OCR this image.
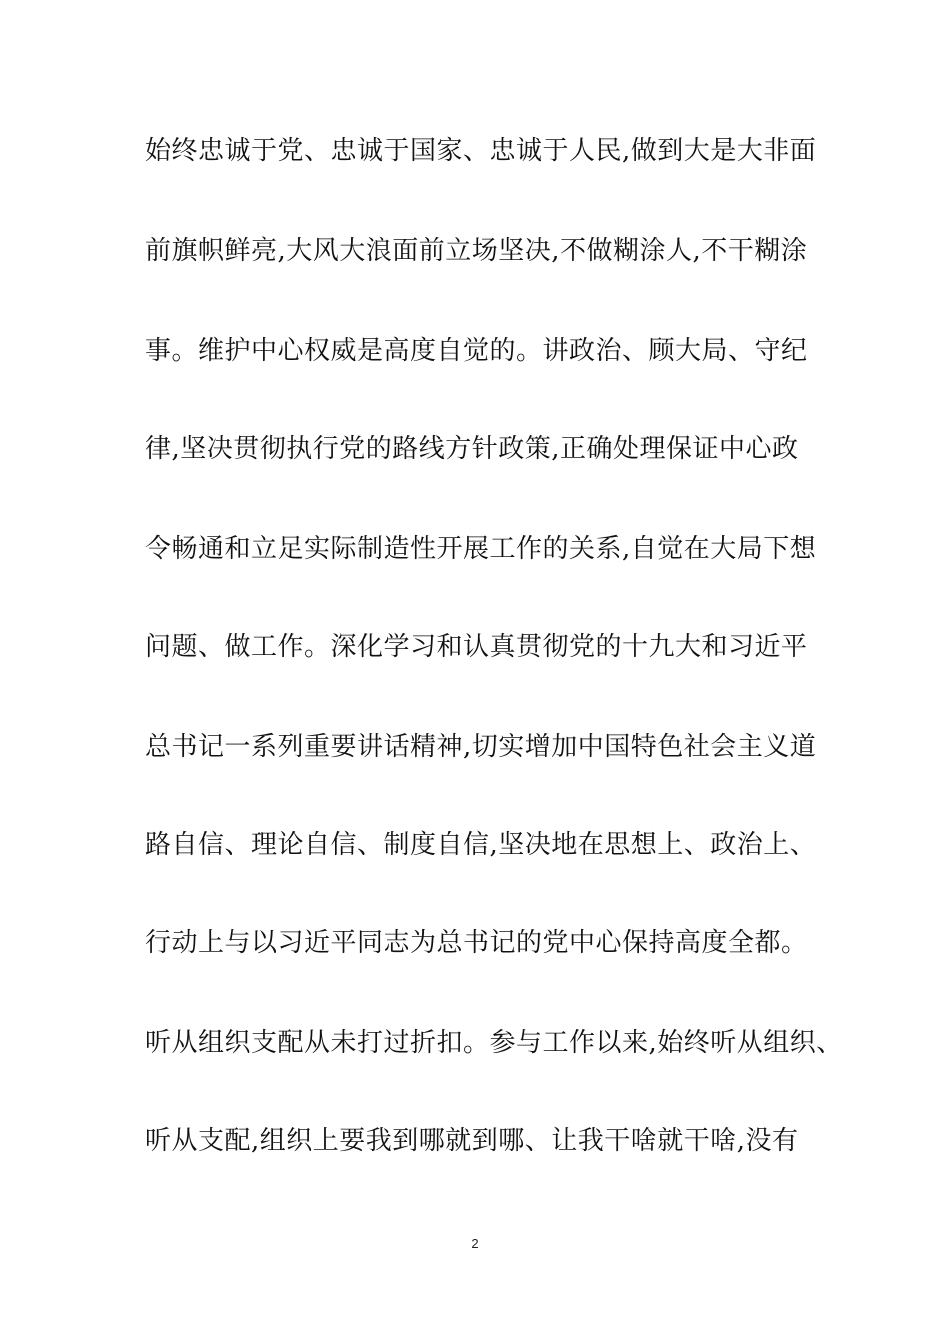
始终忠诚于党、忠诚于国家、忠诚于人民,做到大是大非面
前旗帜鲜亮,大风大浪面前立场坚决,不做糊涂人,不干糊涂
事。维护中心权威是高度自觉的。讲政治、顾大局、守纪
律,坚决贯彻执行党的路线方针政策,正确处理保证中心政
令畅通和立足实际制造性开展工作的关系,自觉在大局下想
问题、做工作。深化学习和认真贯彻党的十九大和习近平
总书记一系列重要讲话精神,切实增加中国特色社会主义道
路自信、理论自信、制度自信,坚决地在思想上、政治上、
行动上与以习近平同志为总书记的党中心保持高度全都。
听从组织支配从未打过折扣。参与工作以来,始终听从组织、
听从支配,组织上要我到哪就到哪、让我干啥就干啥,没有
2
